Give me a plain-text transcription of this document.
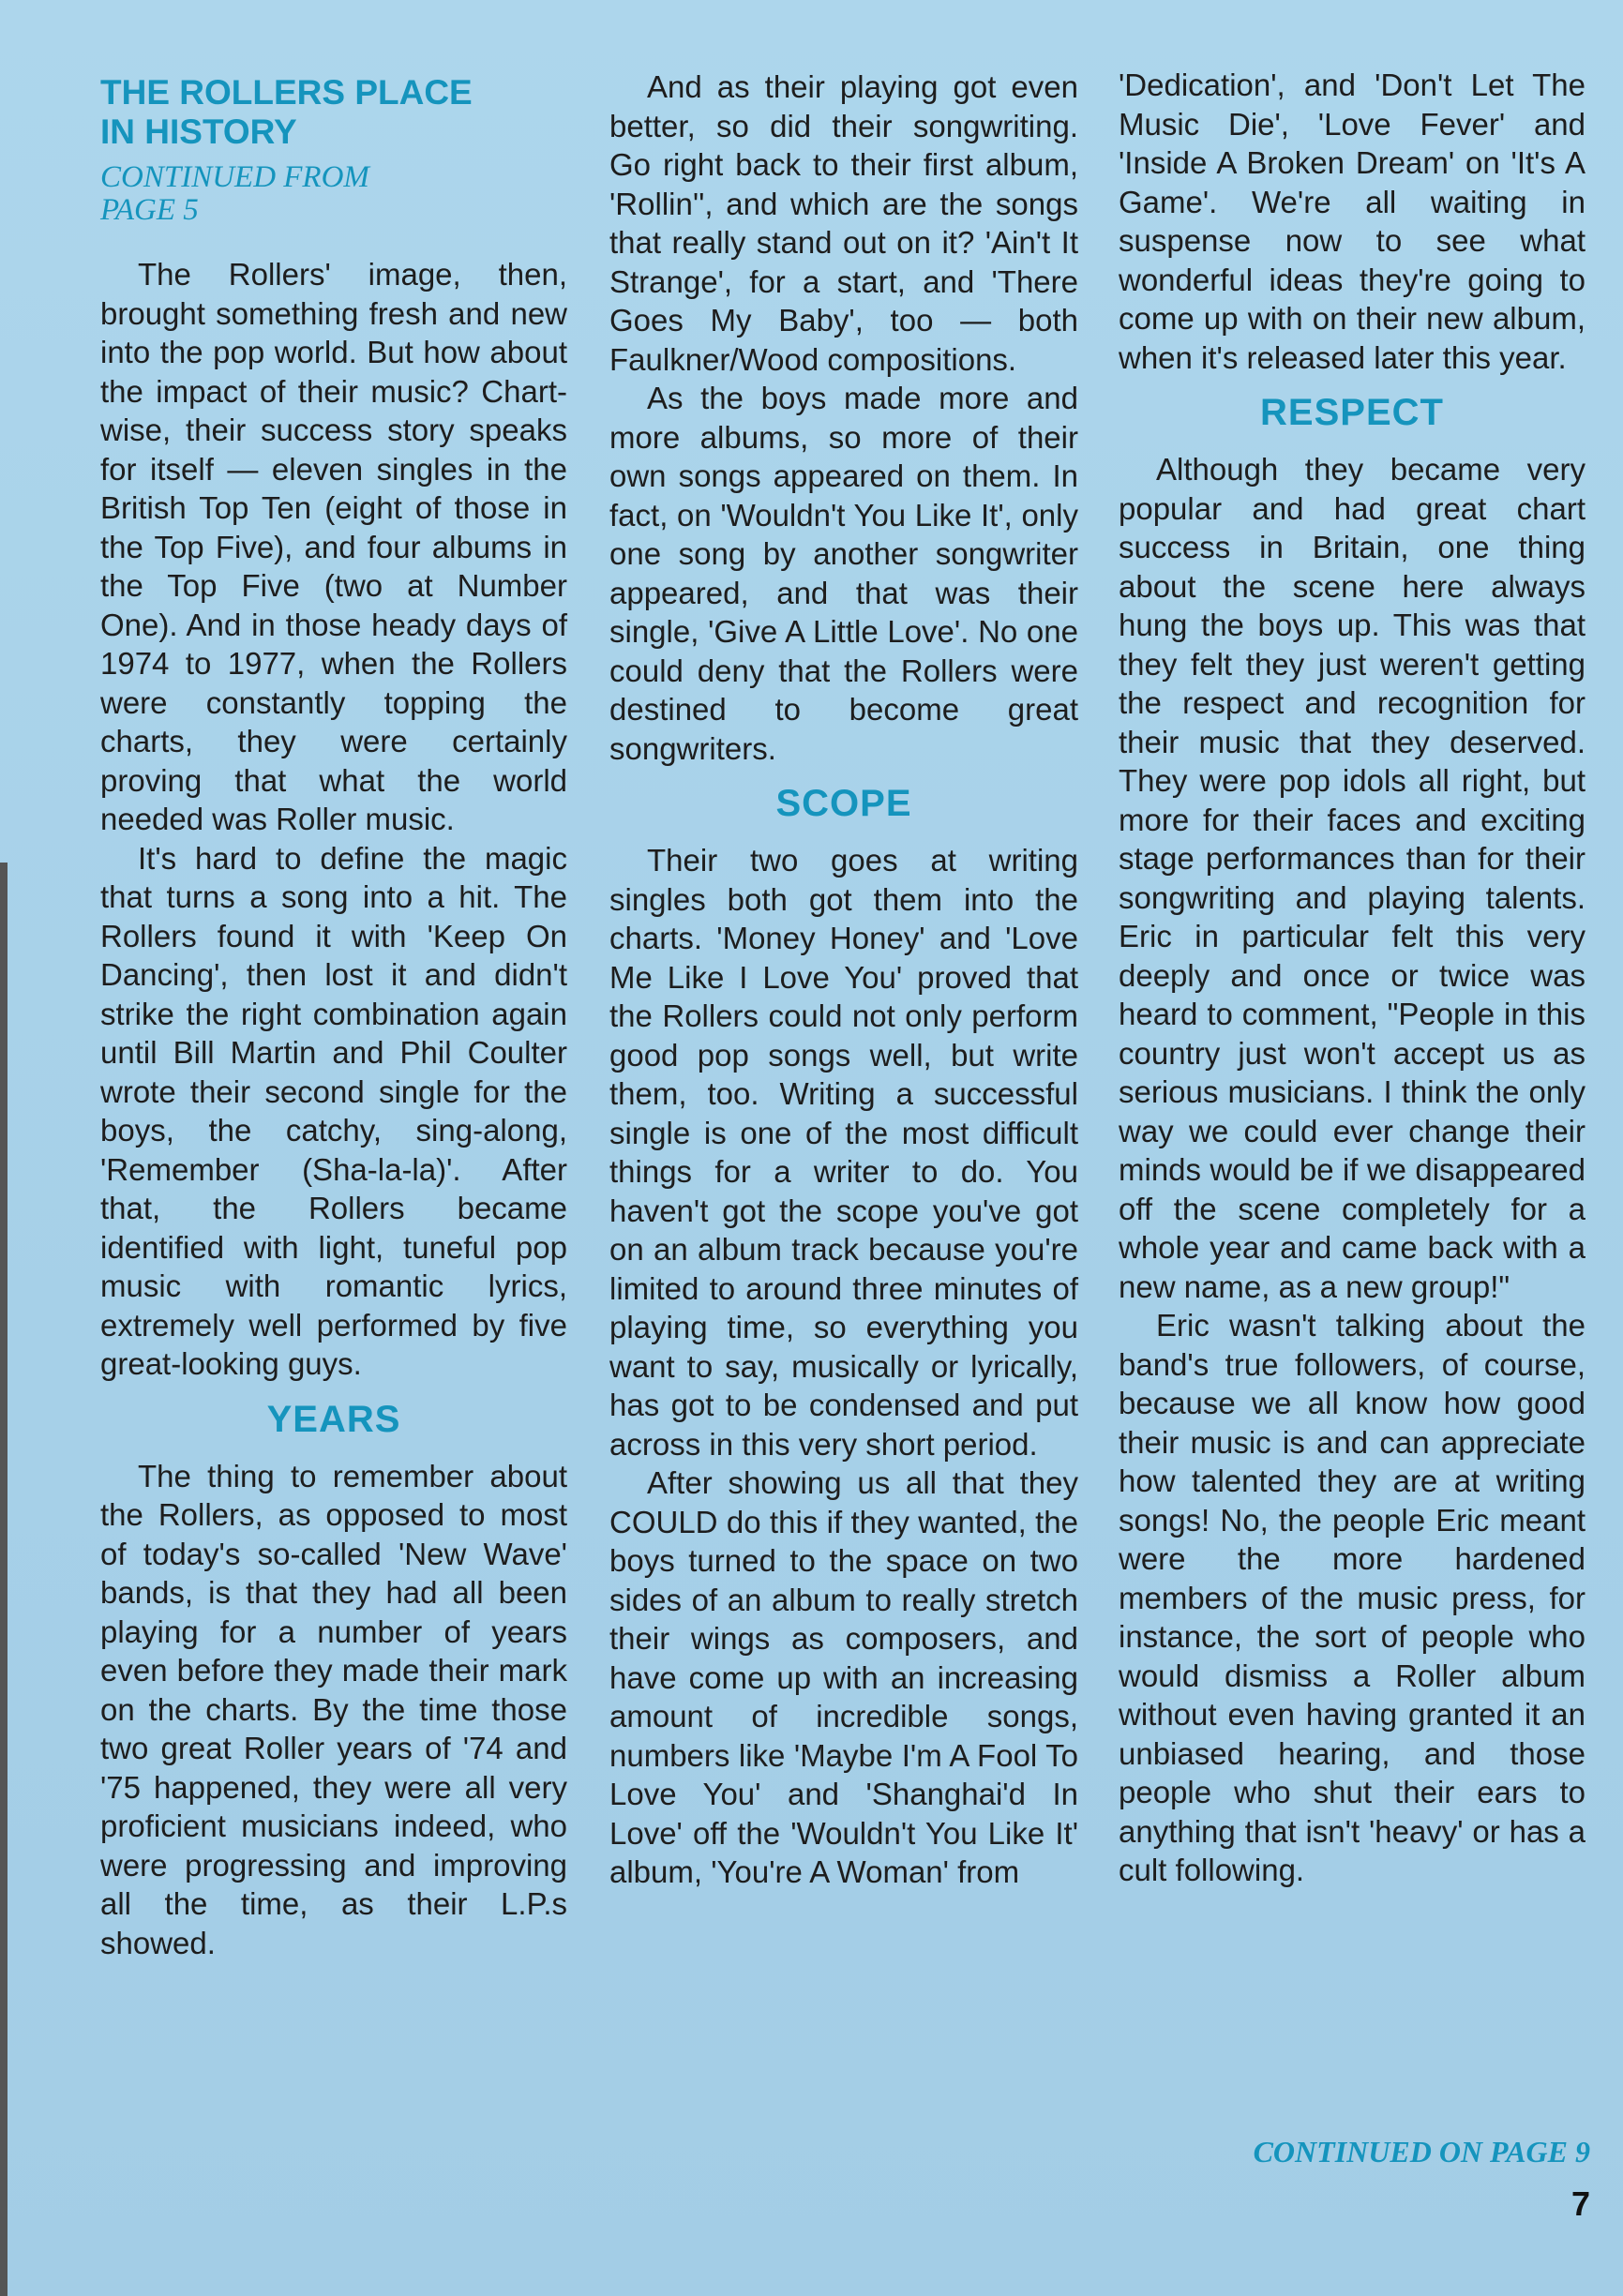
THE ROLLERS PLACE
IN HISTORY
CONTINUED FROM
PAGE 5

The Rollers' image, then, brought something fresh and new into the pop world. But how about the impact of their music? Chart-wise, their success story speaks for itself — eleven singles in the British Top Ten (eight of those in the Top Five), and four albums in the Top Five (two at Number One). And in those heady days of 1974 to 1977, when the Rollers were constantly topping the charts, they were certainly proving that what the world needed was Roller music.

It's hard to define the magic that turns a song into a hit. The Rollers found it with 'Keep On Dancing', then lost it and didn't strike the right combination again until Bill Martin and Phil Coulter wrote their second single for the boys, the catchy, sing-along, 'Remember (Sha-la-la)'. After that, the Rollers became identified with light, tuneful pop music with romantic lyrics, extremely well performed by five great-looking guys.

YEARS

The thing to remember about the Rollers, as opposed to most of today's so-called 'New Wave' bands, is that they had all been playing for a number of years even before they made their mark on the charts. By the time those two great Roller years of '74 and '75 happened, they were all very proficient musicians indeed, who were progressing and improving all the time, as their L.P.s showed.

And as their playing got even better, so did their songwriting. Go right back to their first album, 'Rollin'', and which are the songs that really stand out on it? 'Ain't It Strange', for a start, and 'There Goes My Baby', too — both Faulkner/Wood compositions.

As the boys made more and more albums, so more of their own songs appeared on them. In fact, on 'Wouldn't You Like It', only one song by another songwriter appeared, and that was their single, 'Give A Little Love'. No one could deny that the Rollers were destined to become great songwriters.

SCOPE

Their two goes at writing singles both got them into the charts. 'Money Honey' and 'Love Me Like I Love You' proved that the Rollers could not only perform good pop songs well, but write them, too. Writing a successful single is one of the most difficult things for a writer to do. You haven't got the scope you've got on an album track because you're limited to around three minutes of playing time, so everything you want to say, musically or lyrically, has got to be condensed and put across in this very short period.

After showing us all that they COULD do this if they wanted, the boys turned to the space on two sides of an album to really stretch their wings as composers, and have come up with an increasing amount of incredible songs, numbers like 'Maybe I'm A Fool To Love You' and 'Shanghai'd In Love' off the 'Wouldn't You Like It' album, 'You're A Woman' from

'Dedication', and 'Don't Let The Music Die', 'Love Fever' and 'Inside A Broken Dream' on 'It's A Game'. We're all waiting in suspense now to see what wonderful ideas they're going to come up with on their new album, when it's released later this year.

RESPECT

Although they became very popular and had great chart success in Britain, one thing about the scene here always hung the boys up. This was that they felt they just weren't getting the respect and recognition for their music that they deserved. They were pop idols all right, but more for their faces and exciting stage performances than for their songwriting and playing talents. Eric in particular felt this very deeply and once or twice was heard to comment, "People in this country just won't accept us as serious musicians. I think the only way we could ever change their minds would be if we disappeared off the scene completely for a whole year and came back with a new name, as a new group!"

Eric wasn't talking about the band's true followers, of course, because we all know how good their music is and can appreciate how talented they are at writing songs! No, the people Eric meant were the more hardened members of the music press, for instance, the sort of people who would dismiss a Roller album without even having granted it an unbiased hearing, and those people who shut their ears to anything that isn't 'heavy' or has a cult following.

CONTINUED ON PAGE 9
7
